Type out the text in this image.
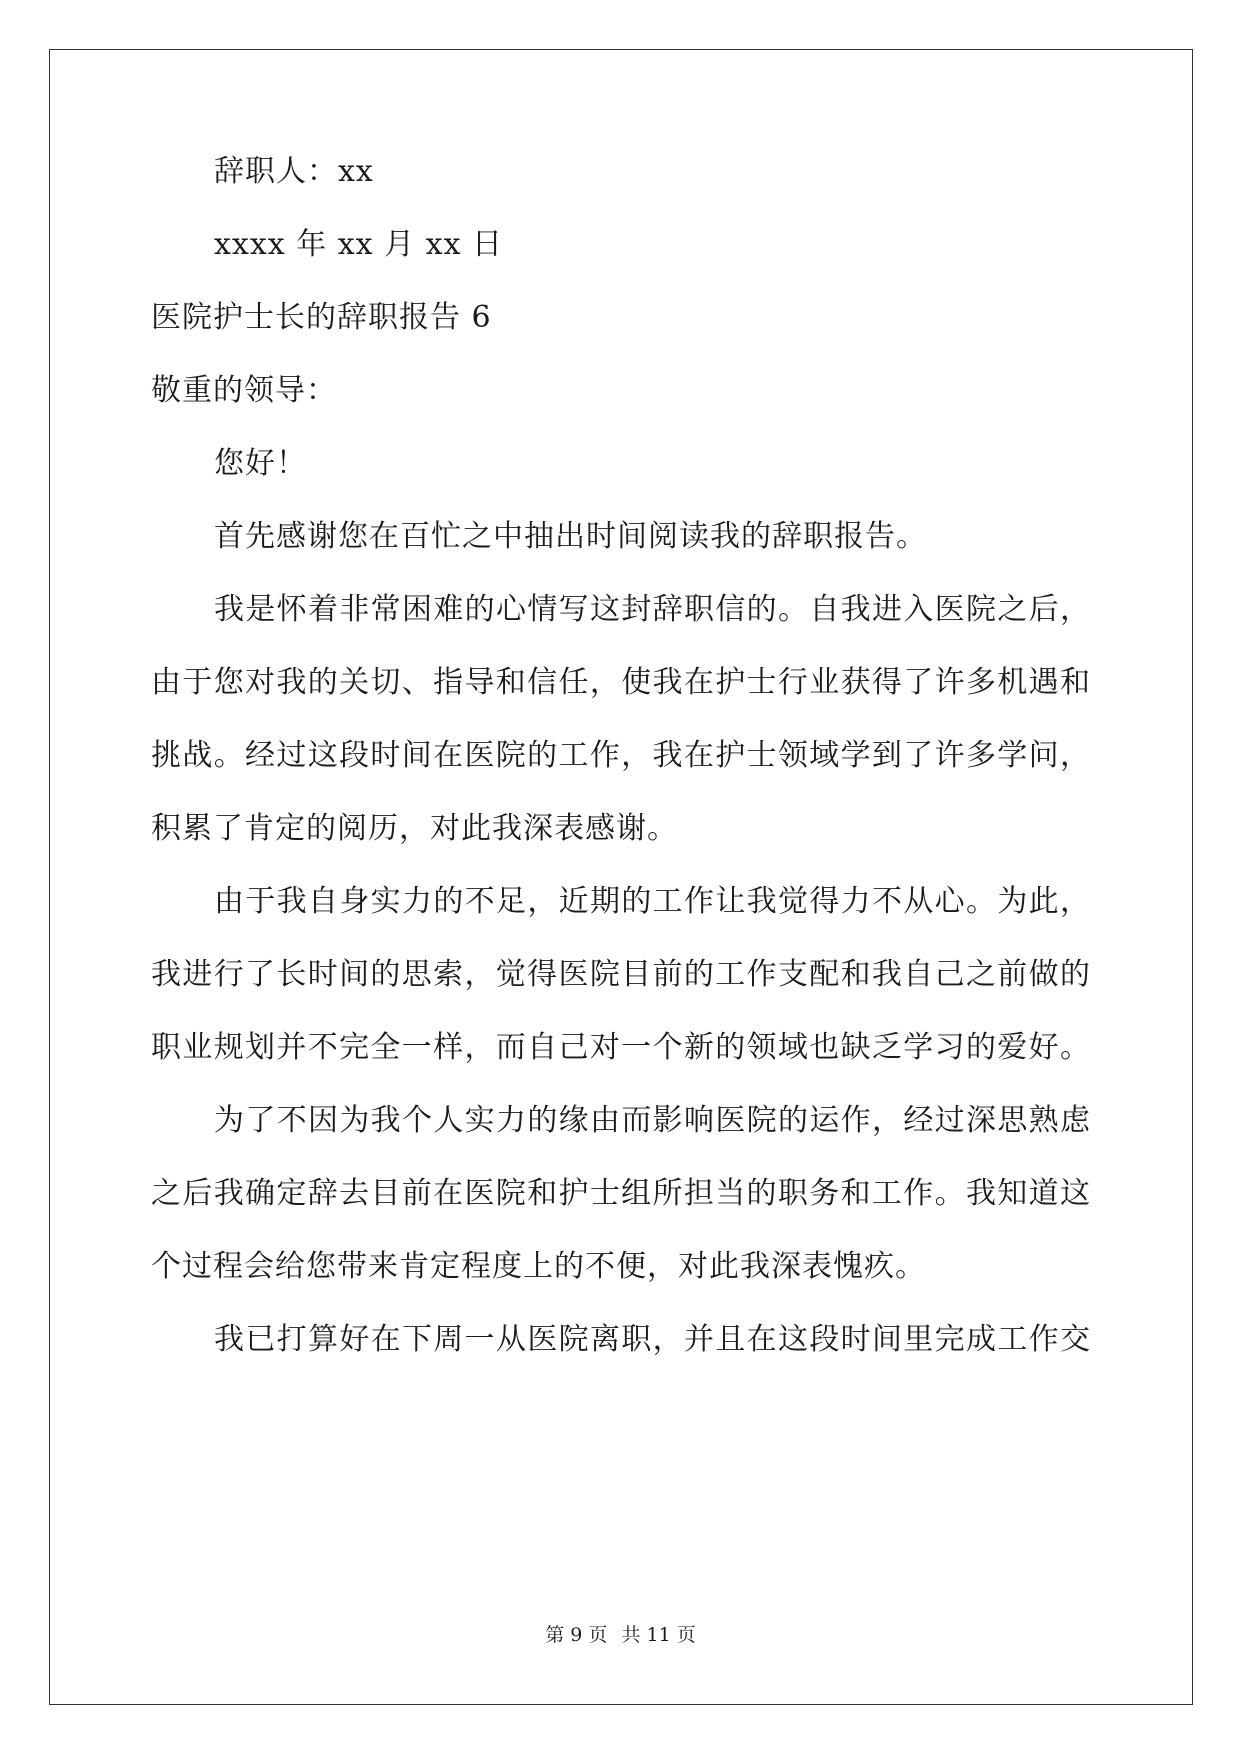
辞职人：xx
xxxx 年 xx 月 xx 日
医院护士长的辞职报告 6
敬重的领导：
您好！
首先感谢您在百忙之中抽出时间阅读我的辞职报告。
我是怀着非常困难的心情写这封辞职信的。自我进入医院之后，
由于您对我的关切、指导和信任，使我在护士行业获得了许多机遇和
挑战。经过这段时间在医院的工作，我在护士领域学到了许多学问，
积累了肯定的阅历，对此我深表感谢。
由于我自身实力的不足，近期的工作让我觉得力不从心。为此，
我进行了长时间的思索，觉得医院目前的工作支配和我自己之前做的
职业规划并不完全一样，而自己对一个新的领域也缺乏学习的爱好。
为了不因为我个人实力的缘由而影响医院的运作，经过深思熟虑
之后我确定辞去目前在医院和护士组所担当的职务和工作。我知道这
个过程会给您带来肯定程度上的不便，对此我深表愧疚。
我已打算好在下周一从医院离职，并且在这段时间里完成工作交
第 9 页 共 11 页
